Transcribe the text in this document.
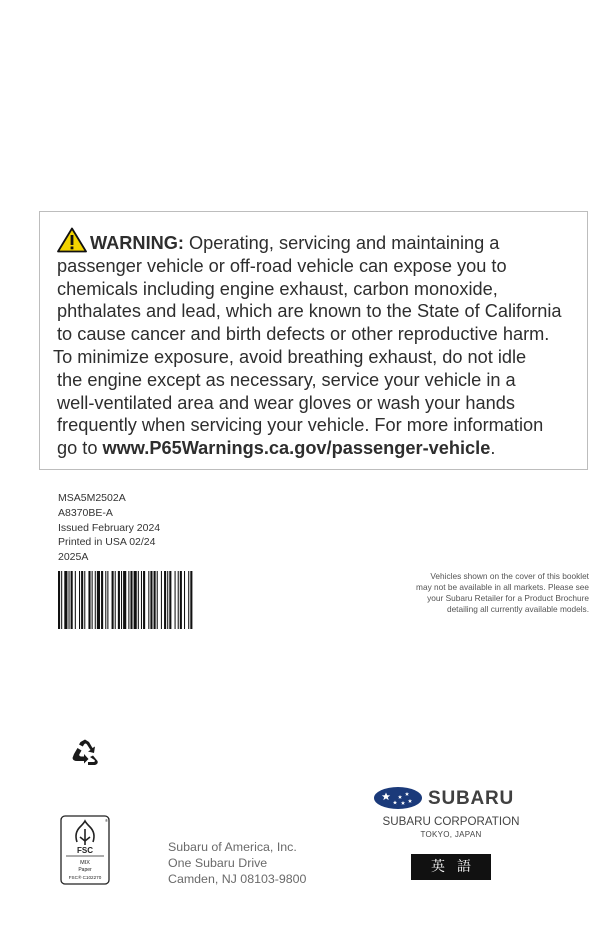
WARNING: Operating, servicing and maintaining a
passenger vehicle or off-road vehicle can expose you to
chemicals including engine exhaust, carbon monoxide,
phthalates and lead, which are known to the State of California
to cause cancer and birth defects or other reproductive harm.
To minimize exposure, avoid breathing exhaust, do not idle
the engine except as necessary, service your vehicle in a
well-ventilated area and wear gloves or wash your hands
frequently when servicing your vehicle. For more information
go to www.P65Warnings.ca.gov/passenger-vehicle.
MSA5M2502A
A8370BE-A
Issued February 2024
Printed in USA 02/24
2025A
Vehicles shown on the cover of this booklet
may not be available in all markets. Please see
your Subaru Retailer for a Product Brochure
detailing all currently available models.
SUBARU
SUBARU CORPORATION
TOKYO, JAPAN
英語
®
FSC
MIX
Paper
FSC® C102270
Subaru of America, Inc.
One Subaru Drive
Camden, NJ 08103-9800
